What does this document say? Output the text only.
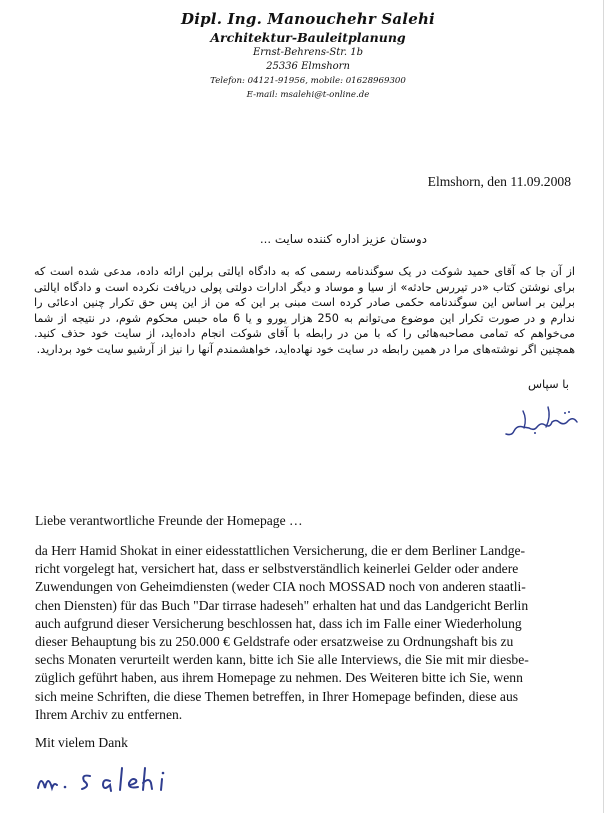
Dipl. Ing. Manouchehr Salehi
Architektur-Bauleitplanung
Ernst-Behrens-Str. 1b
25336 Elmshorn
Telefon: 04121-91956, mobile: 01628969300
E-mail: msalehi@t-online.de
Elmshorn, den 11.09.2008
دوستان عزیز اداره کننده سایت ...
از آن جا که آقای حمید شوکت در یک سوگندنامه رسمی که به دادگاه ایالتی برلین ارائه داده، مدعی شده است که برای نوشتن کتاب «در تیررس حادثه» از سیا و موساد و دیگر ادارات دولتی پولی دریافت نکرده است و دادگاه ایالتی برلین بر اساس این سوگندنامه حکمی صادر کرده است مبنی بر این که من از این پس حق تکرار چنین ادعائی را ندارم و در صورت تکرار این موضوع می‌توانم به 250 هزار یورو و یا 6 ماه حبس محکوم شوم، در نتیجه از شما می‌خواهم که تمامی مصاحبه‌هائی را که با من در رابطه با آقای شوکت انجام داده‌اید، از سایت خود حذف کنید. همچنین اگر نوشته‌های مرا در همین رابطه در سایت خود نهاده‌اید، خواهشمندم آنها را نیز از آرشیو سایت خود بردارید.
با سپاس
Liebe verantwortliche Freunde der Homepage …
da Herr Hamid Shokat in einer eidesstattlichen Versicherung, die er dem Berliner Landge-
richt vorgelegt hat, versichert hat, dass er selbstverständlich keinerlei Gelder oder andere
Zuwendungen von Geheimdiensten (weder CIA noch MOSSAD noch von anderen staatli-
chen Diensten) für das Buch "Dar tirrase hadeseh" erhalten hat und das Landgericht Berlin
auch aufgrund dieser Versicherung beschlossen hat, dass ich im Falle einer Wiederholung
dieser Behauptung bis zu 250.000 € Geldstrafe oder ersatzweise zu Ordnungshaft bis zu
sechs Monaten verurteilt werden kann, bitte ich Sie alle Interviews, die Sie mit mir diesbe-
züglich geführt haben, aus ihrem Homepage zu nehmen. Des Weiteren bitte ich Sie, wenn
sich meine Schriften, die diese Themen betreffen, in Ihrer Homepage befinden, diese aus
Ihrem Archiv zu entfernen.
Mit vielem Dank
